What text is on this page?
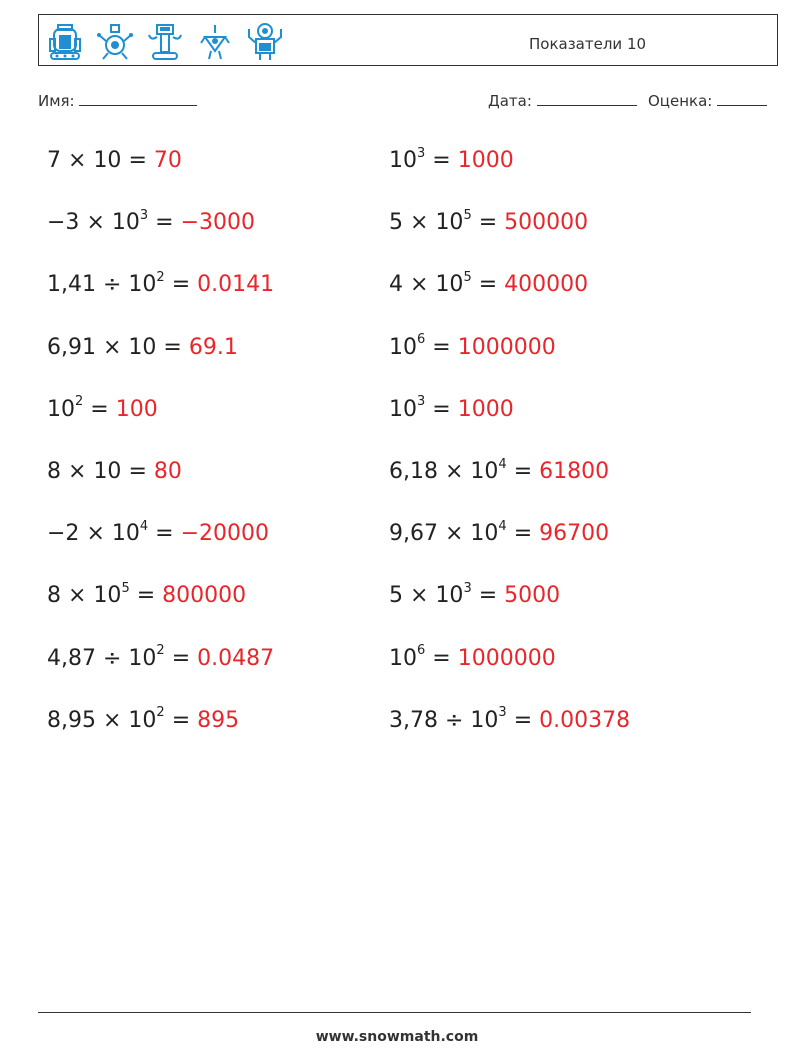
Показатели 10
Имя:	Дата:	Оценка:
7 × 10 = 70
$-3 \times 10^3 = -3000$
$1,41 \div 10^2 = 0.0141$
6,91 × 10 = 69.1
$10^2 = 100$
8 × 10 = 80
$-2 \times 10^4 = -20000$
$8 \times 10^5 = 800000$
$4,87 \div 10^2 = 0.0487$
$8,95 \times 10^2 = 895$
$10^3 = 1000$
$5 \times 10^5 = 500000$
$4 \times 10^5 = 400000$
$10^6 = 1000000$
$10^3 = 1000$
$6,18 \times 10^4 = 61800$
$9,67 \times 10^4 = 96700$
$5 \times 10^3 = 5000$
$10^6 = 1000000$
$3,78 \div 10^3 = 0.00378$
www.snowmath.com
